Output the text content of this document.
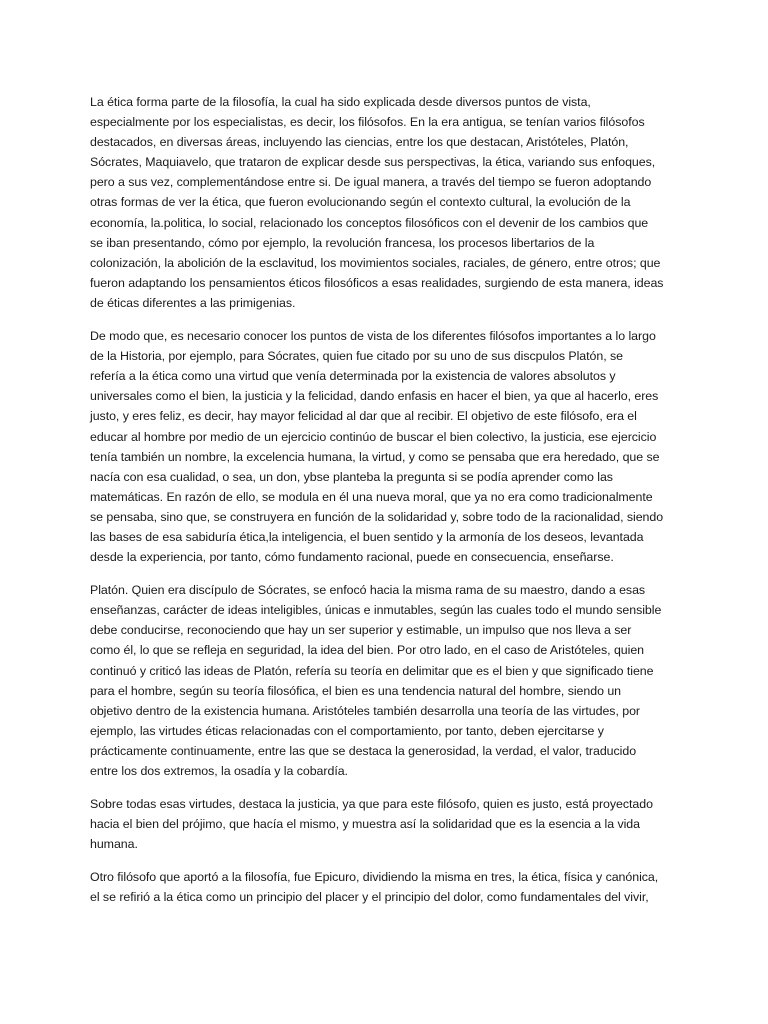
La ética forma parte de la filosofía, la cual ha sido explicada desde diversos puntos de vista,
especialmente por los especialistas, es decir, los filósofos. En la era antigua, se tenían varios filósofos
destacados, en diversas áreas, incluyendo las ciencias, entre los que destacan, Aristóteles, Platón,
Sócrates, Maquiavelo, que trataron de explicar desde sus perspectivas, la ética, variando sus enfoques,
pero a sus vez, complementándose entre si. De igual manera, a través del tiempo se fueron adoptando
otras formas de ver la ética, que fueron evolucionando según el contexto cultural, la evolución de la
economía, la.politica, lo social, relacionado los conceptos filosóficos con el devenir de los cambios que
se iban presentando, cómo por ejemplo, la revolución francesa, los procesos libertarios de la
colonización, la abolición de la esclavitud, los movimientos sociales, raciales, de género, entre otros; que
fueron adaptando los pensamientos éticos filosóficos a esas realidades, surgiendo de esta manera, ideas
de éticas diferentes a las primigenias.

De modo que, es necesario conocer los puntos de vista de los diferentes filósofos importantes a lo largo
de la Historia, por ejemplo, para Sócrates, quien fue citado por su uno de sus discpulos Platón, se
refería a la ética como una virtud que venía determinada por la existencia de valores absolutos y
universales como el bien, la justicia y la felicidad, dando enfasis en hacer el bien, ya que al hacerlo, eres
justo, y eres feliz, es decir, hay mayor felicidad al dar que al recibir. El objetivo de este filósofo, era el
educar al hombre por medio de un ejercicio continúo de buscar el bien colectivo, la justicia, ese ejercicio
tenía también un nombre, la excelencia humana, la virtud, y como se pensaba que era heredado, que se
nacía con esa cualidad, o sea, un don, ybse planteba la pregunta si se podía aprender como las
matemáticas. En razón de ello, se modula en él una nueva moral, que ya no era como tradicionalmente
se pensaba, sino que, se construyera en función de la solidaridad y, sobre todo de la racionalidad, siendo
las bases de esa sabiduría ética,la inteligencia, el buen sentido y la armonía de los deseos, levantada
desde la experiencia, por tanto, cómo fundamento racional, puede en consecuencia, enseñarse.

Platón. Quien era discípulo de Sócrates, se enfocó hacia la misma rama de su maestro, dando a esas
enseñanzas, carácter de ideas inteligibles, únicas e inmutables, según las cuales todo el mundo sensible
debe conducirse, reconociendo que hay un ser superior y estimable, un impulso que nos lleva a ser
como él, lo que se refleja en seguridad, la idea del bien. Por otro lado, en el caso de Aristóteles, quien
continuó y criticó las ideas de Platón, refería su teoría en delimitar que es el bien y que significado tiene
para el hombre, según su teoría filosófica, el bien es una tendencia natural del hombre, siendo un
objetivo dentro de la existencia humana. Aristóteles también desarrolla una teoría de las virtudes, por
ejemplo, las virtudes éticas relacionadas con el comportamiento, por tanto, deben ejercitarse y
prácticamente continuamente, entre las que se destaca la generosidad, la verdad, el valor, traducido
entre los dos extremos, la osadía y la cobardía.

Sobre todas esas virtudes, destaca la justicia, ya que para este filósofo, quien es justo, está proyectado
hacia el bien del prójimo, que hacía el mismo, y muestra así la solidaridad que es la esencia a la vida
humana.

Otro filósofo que aportó a la filosofía, fue Epicuro, dividiendo la misma en tres, la ética, física y canónica,
el se refirió a la ética como un principio del placer y el principio del dolor, como fundamentales del vivir,
